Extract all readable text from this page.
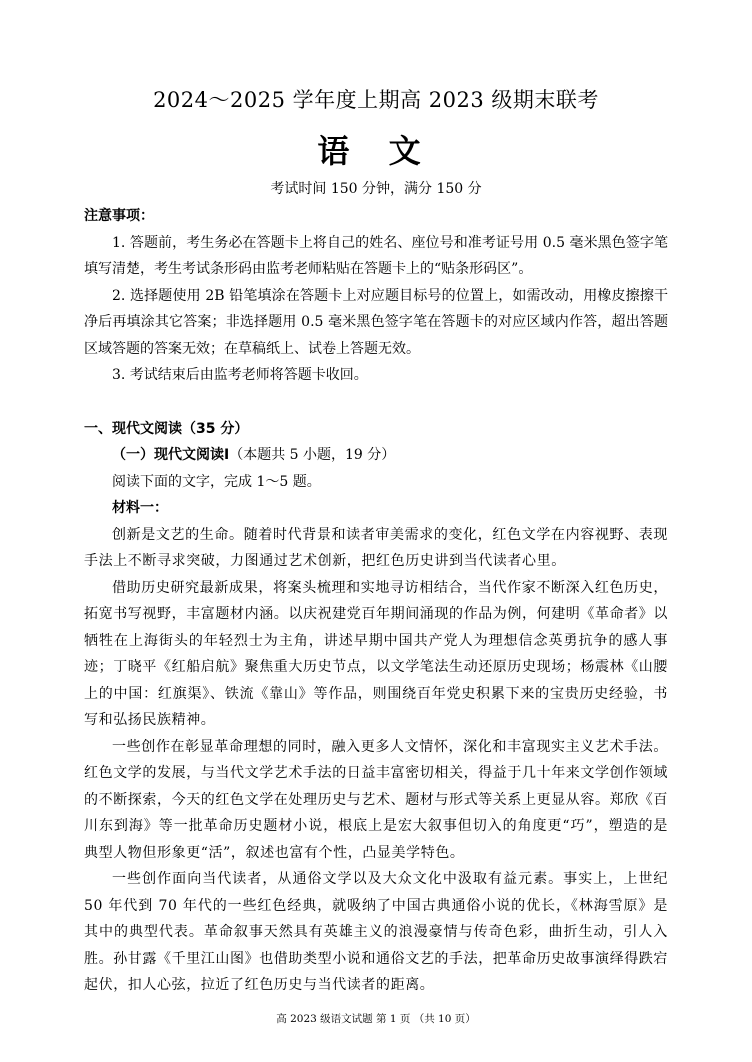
2024～2025 学年度上期高 2023 级期末联考
语 文
考试时间 150 分钟，满分 150 分

注意事项：

1. 答题前，考生务必在答题卡上将自己的姓名、座位号和准考证号用 0.5 毫米黑色签字笔填写清楚，考生考试条形码由监考老师粘贴在答题卡上的“贴条形码区”。

2. 选择题使用 2B 铅笔填涂在答题卡上对应题目标号的位置上，如需改动，用橡皮擦擦干净后再填涂其它答案；非选择题用 0.5 毫米黑色签字笔在答题卡的对应区域内作答，超出答题区域答题的答案无效；在草稿纸上、试卷上答题无效。

3. 考试结束后由监考老师将答题卡收回。

一、现代文阅读（35 分）

（一）现代文阅读Ⅰ（本题共 5 小题，19 分）

阅读下面的文字，完成 1～5 题。

材料一：

创新是文艺的生命。随着时代背景和读者审美需求的变化，红色文学在内容视野、表现手法上不断寻求突破，力图通过艺术创新，把红色历史讲到当代读者心里。

借助历史研究最新成果，将案头梳理和实地寻访相结合，当代作家不断深入红色历史，拓宽书写视野，丰富题材内涵。以庆祝建党百年期间涌现的作品为例，何建明《革命者》以牺牲在上海街头的年轻烈士为主角，讲述早期中国共产党人为理想信念英勇抗争的感人事迹；丁晓平《红船启航》聚焦重大历史节点，以文学笔法生动还原历史现场；杨震林《山腰上的中国：红旗渠》、铁流《靠山》等作品，则围绕百年党史积累下来的宝贵历史经验，书写和弘扬民族精神。

一些创作在彰显革命理想的同时，融入更多人文情怀，深化和丰富现实主义艺术手法。红色文学的发展，与当代文学艺术手法的日益丰富密切相关，得益于几十年来文学创作领域的不断探索，今天的红色文学在处理历史与艺术、题材与形式等关系上更显从容。郑欣《百川东到海》等一批革命历史题材小说，根底上是宏大叙事但切入的角度更“巧”，塑造的是典型人物但形象更“活”，叙述也富有个性，凸显美学特色。

一些创作面向当代读者，从通俗文学以及大众文化中汲取有益元素。事实上，上世纪 50 年代到 70 年代的一些红色经典，就吸纳了中国古典通俗小说的优长，《林海雪原》是其中的典型代表。革命叙事天然具有英雄主义的浪漫豪情与传奇色彩，曲折生动，引人入胜。孙甘露《千里江山图》也借助类型小说和通俗文艺的手法，把革命历史故事演绎得跌宕起伏，扣人心弦，拉近了红色历史与当代读者的距离。

高 2023 级语文试题 第 1 页 （共 10 页）
